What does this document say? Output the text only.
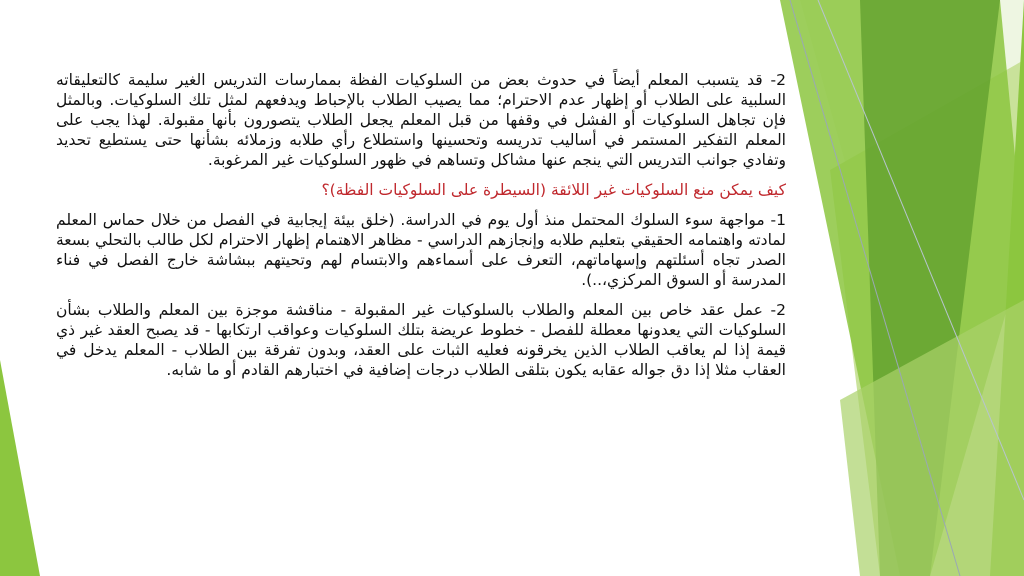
2- قد يتسبب المعلم أيضاً في حدوث بعض من السلوكيات الفظة بممارسات التدريس الغير سليمة كالتعليقاته السلبية على الطلاب أو إظهار عدم الاحترام؛ مما يصيب الطلاب بالإحباط ويدفعهم لمثل تلك السلوكيات. وبالمثل فإن تجاهل السلوكيات أو الفشل في وقفها من قبل المعلم يجعل الطلاب يتصورون بأنها مقبولة. لهذا يجب على المعلم التفكير المستمر في أساليب تدريسه وتحسينها واستطلاع رأي طلابه وزملائه بشأنها حتى يستطيع تحديد وتفادي جوانب التدريس التي ينجم عنها مشاكل وتساهم في ظهور السلوكيات غير المرغوبة.

كيف يمكن منع السلوكيات غير اللائقة (السيطرة على السلوكيات الفظة)؟

1- مواجهة سوء السلوك المحتمل منذ أول يوم في الدراسة. (خلق بيئة إيجابية في الفصل من خلال حماس المعلم لمادته واهتمامه الحقيقي بتعليم طلابه وإنجازهم الدراسي - مظاهر الاهتمام إظهار الاحترام لكل طالب بالتحلي بسعة الصدر تجاه أسئلتهم وإسهاماتهم، التعرف على أسماءهم والابتسام لهم وتحيتهم ببشاشة خارج الفصل في فناء المدرسة أو السوق المركزي،..).

2- عمل عقد خاص بين المعلم والطلاب بالسلوكيات غير المقبولة - مناقشة موجزة بين المعلم والطلاب بشأن السلوكيات التي يعدونها معطلة للفصل - خطوط عريضة بتلك السلوكيات وعواقب ارتكابها - قد يصبح العقد غير ذي قيمة إذا لم يعاقب الطلاب الذين يخرقونه فعليه الثبات على العقد، وبدون تفرقة بين الطلاب - المعلم يدخل في العقاب مثلا إذا دق جواله عقابه يكون بتلقى الطلاب درجات إضافية في اختبارهم القادم أو ما شابه.
